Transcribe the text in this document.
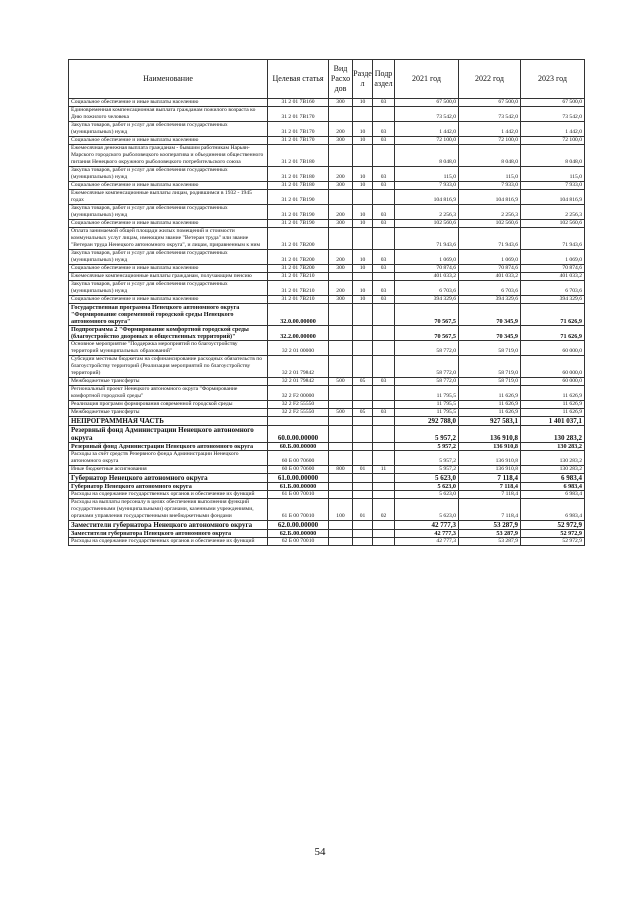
Наименование	Целевая статья	Вид Расхо дов	Разде л	Подр аздел	2021 год	2022 год	2023 год
Социальное обеспечение и иные выплаты населению	31 2 01 7В160	300	10	03	67 500,0	67 500,0	67 500,0
Единовременная компенсационная выплата гражданам пожилого возраста ко Дню пожилого человека	31 2 01 7В170				73 542,0	73 542,0	73 542,0
Закупка товаров, работ и услуг для обеспечения государственных (муниципальных) нужд	31 2 01 7В170	200	10	03	1 442,0	1 442,0	1 442,0
Социальное обеспечение и иные выплаты населению	31 2 01 7В170	300	10	03	72 100,0	72 100,0	72 100,0
Ежемесячная денежная выплата гражданам - бывшим работникам Нарьян-Марского городского рыболовецкого кооператива и объединения общественного питания Ненецкого окружного рыболовецкого потребительского союза	31 2 01 7В180				8 048,0	8 048,0	8 048,0
Закупка товаров, работ и услуг для обеспечения государственных (муниципальных) нужд	31 2 01 7В180	200	10	03	115,0	115,0	115,0
Социальное обеспечение и иные выплаты населению	31 2 01 7В180	300	10	03	7 933,0	7 933,0	7 933,0
Ежемесячные компенсационные выплаты лицам, родившимся в 1932 - 1945 годах	31 2 01 7В190				104 816,9	104 816,9	104 816,9
Закупка товаров, работ и услуг для обеспечения государственных (муниципальных) нужд	31 2 01 7В190	200	10	03	2 256,3	2 256,3	2 256,3
Социальное обеспечение и иные выплаты населению	31 2 01 7В190	300	10	03	102 560,6	102 560,6	102 560,6
Оплата занимаемой общей площади жилых помещений и стоимости коммунальных услуг лицам, имеющим звание "Ветеран труда" или звание "Ветеран труда Ненецкого автономного округа", и лицам, приравненным к ним	31 2 01 7В200				71 943,6	71 943,6	71 943,6
Закупка товаров, работ и услуг для обеспечения государственных (муниципальных) нужд	31 2 01 7В200	200	10	03	1 069,0	1 069,0	1 069,0
Социальное обеспечение и иные выплаты населению	31 2 01 7В200	300	10	03	70 874,6	70 874,6	70 874,6
Ежемесячные компенсационные выплаты гражданам, получающим пенсию	31 2 01 7В210				401 033,2	401 033,2	401 033,2
Закупка товаров, работ и услуг для обеспечения государственных (муниципальных) нужд	31 2 01 7В210	200	10	03	6 703,6	6 703,6	6 703,6
Социальное обеспечение и иные выплаты населению	31 2 01 7В210	300	10	03	394 329,6	394 329,6	394 329,6
Государственная программа Ненецкого автономного округа "Формирование современной городской среды Ненецкого автономного округа"	32.0.00.00000				70 567,5	70 345,9	71 626,9
Подпрограмма 2 "Формирование комфортной городской среды (благоустройство дворовых и общественных территорий)"	32.2.00.00000				70 567,5	70 345,9	71 626,9
Основное мероприятие "Поддержка мероприятий по благоустройству территорий муниципальных образований"	32 2 01 00000				58 772,0	58 719,0	60 000,0
Субсидии местным бюджетам на софинансирование расходных обязательств по благоустройству территорий (Реализация мероприятий по благоустройству территорий)	32 2 01 79842				58 772,0	58 719,0	60 000,0
Межбюджетные трансферты	32 2 01 79842	500	05	03	58 772,0	58 719,0	60 000,0
Региональный проект Ненецкого автономного округа "Формирование комфортной городской среды"	32 2 F2 00000				11 795,5	11 626,9	11 626,9
Реализация программ формирования современной городской среды	32 2 F2 55550				11 795,5	11 626,9	11 626,9
Межбюджетные трансферты	32 2 F2 55550	500	05	03	11 795,5	11 626,9	11 626,9
НЕПРОГРАММНАЯ ЧАСТЬ					292 788,0	927 583,1	1 401 037,1
Резервный фонд Администрации Ненецкого автономного округа	60.0.00.00000				5 957,2	136 910,8	130 283,2
Резервный фонд Администрации Ненецкого автономного округа	60.Б.00.00000				5 957,2	136 910,8	130 283,2
Расходы за счёт средств Резервного фонда Администрации Ненецкого автономного округа	60 Б 00 70600				5 957,2	136 910,8	130 283,2
Иные бюджетные ассигнования	60 Б 00 70600	800	01	11	5 957,2	136 910,8	130 283,2
Губернатор Ненецкого автономного округа	61.0.00.00000				5 623,0	7 118,4	6 983,4
Губернатор Ненецкого автономного округа	61.Б.00.00000				5 623,0	7 118,4	6 983,4
Расходы на содержание государственных органов и обеспечение их функций	61 Б 00 70010				5 623,0	7 118,4	6 983,4
Расходы на выплаты персоналу в целях обеспечения выполнения функций государственными (муниципальными) органами, казенными учреждениями, органами управления государственными внебюджетными фондами	61 Б 00 70010	100	01	02	5 623,0	7 118,4	6 983,4
Заместители губернатора Ненецкого автономного округа	62.0.00.00000				42 777,3	53 287,9	52 972,9
Заместители губернатора Ненецкого автономного округа	62.Б.00.00000				42 777,3	53 287,9	52 972,9
Расходы на содержание государственных органов и обеспечение их функций	62 Б 00 70010				42 777,3	53 287,9	52 972,9
54
